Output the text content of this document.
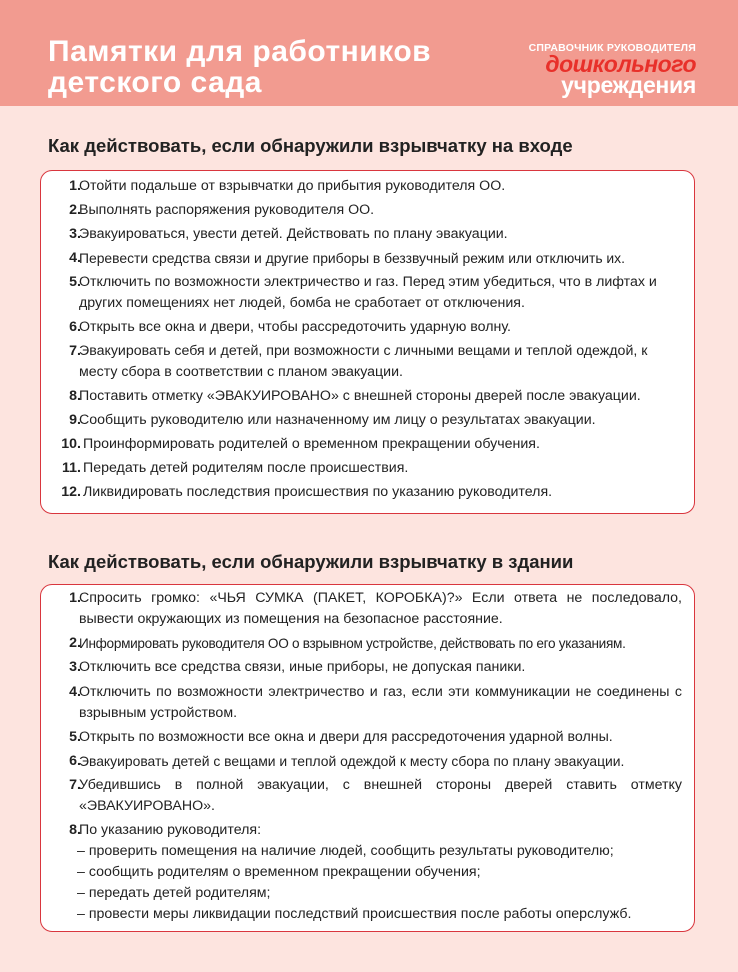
Памятки для работников
детского сада
СПРАВОЧНИК РУКОВОДИТЕЛЯ
дошкольного
учреждения
Как действовать, если обнаружили взрывчатку на входе
1.
Отойти подальше от взрывчатки до прибытия руководителя ОО.
2.
Выполнять распоряжения руководителя ОО.
3.
Эвакуироваться, увести детей. Действовать по плану эвакуации.
4.
Перевести средства связи и другие приборы в беззвучный режим или отключить их.
5.
Отключить по возможности электричество и газ. Перед этим убедиться, что в лифтах и других помещениях нет людей, бомба не сработает от отключения.
6.
Открыть все окна и двери, чтобы рассредоточить ударную волну.
7.
Эвакуировать себя и детей, при возможности с личными вещами и теплой одеждой, к месту сбора в соответствии с планом эвакуации.
8.
Поставить отметку «ЭВАКУИРОВАНО» с внешней стороны дверей после эвакуации.
9.
Сообщить руководителю или назначенному им лицу о результатах эвакуации.
10. Проинформировать родителей о временном прекращении обучения.
11. Передать детей родителям после происшествия.
12. Ликвидировать последствия происшествия по указанию руководителя.
Как действовать, если обнаружили взрывчатку в здании
1.
Спросить громко: «ЧЬЯ СУМКА (ПАКЕТ, КОРОБКА)?» Если ответа не последовало, вывести окружающих из помещения на безопасное расстояние.
2.
Информировать руководителя ОО о взрывном устройстве, действовать по его указаниям.
3.
Отключить все средства связи, иные приборы, не допуская паники.
4.
Отключить по возможности электричество и газ, если эти коммуникации не соединены с взрывным устройством.
5.
Открыть по возможности все окна и двери для рассредоточения ударной волны.
6.
Эвакуировать детей с вещами и теплой одеждой к месту сбора по плану эвакуации.
7.
Убедившись в полной эвакуации, с внешней стороны дверей ставить отметку «ЭВАКУИРОВАНО».
8.
По указанию руководителя:
– проверить помещения на наличие людей, сообщить результаты руководителю;
– сообщить родителям о временном прекращении обучения;
– передать детей родителям;
– провести меры ликвидации последствий происшествия после работы оперслужб.
